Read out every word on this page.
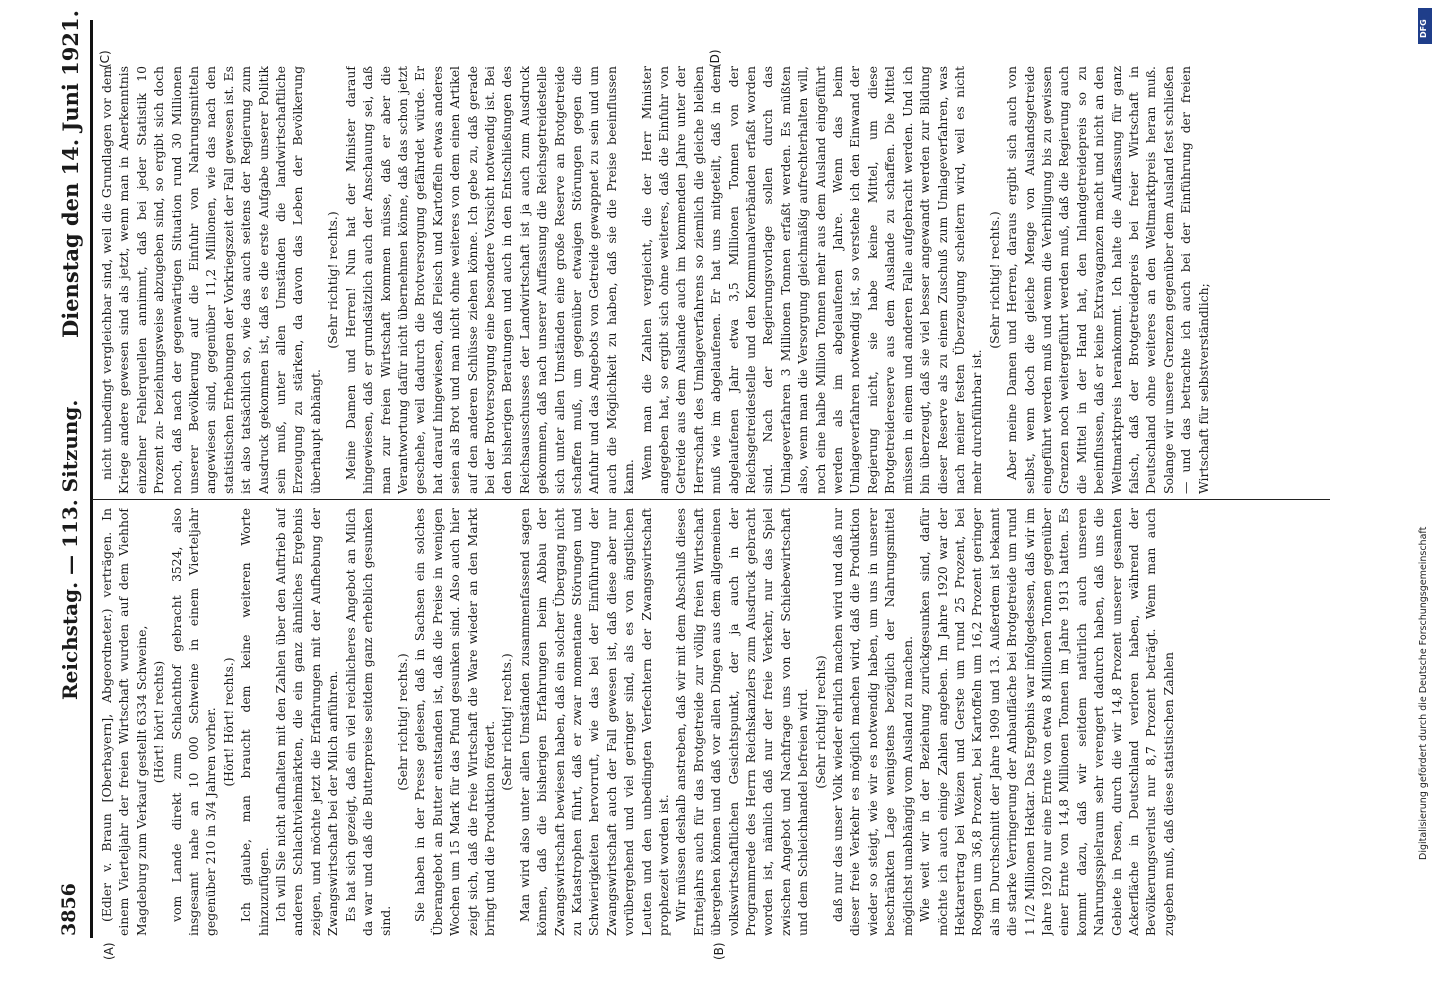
3856
Reichstag. — 113. Sitzung.
Dienstag den 14. Juni 1921.
(A)	(B)
(C)	(D)

(Edler v. Braun [Oberbayern], Abgeordneter.) verträgen. In einem Vierteljahr der freien Wirtschaft wurden auf dem Viehhof Magdeburg zum Verkauf gestellt 6334 Schweine, (Hört! hört! rechts) vom Lande direkt zum Schlachthof gebracht 3524, also insgesamt nahe an 10 000 Schweine in einem Vierteljahr gegenüber 210 in 3/4 Jahren vorher. (Hört! Hört! rechts.) Ich glaube, man braucht dem keine weiteren Worte hinzuzufügen. Ich will Sie nicht aufhalten mit den Zahlen über den Auftrieb auf anderen Schlachtviehmärkten, die ein ganz ähnliches Ergebnis zeigen, und möchte jetzt die Erfahrungen mit der Aufhebung der Zwangswirtschaft bei der Milch anführen. Es hat sich gezeigt, daß ein viel reichlicheres Angebot an Milch da war und daß die Butterpreise seitdem ganz erheblich gesunken sind.

(Sehr richtig! rechts.) Sie haben in der Presse gelesen, daß in Sachsen ein solches Überangebot an Butter entstanden ist, daß die Preise in wenigen Wochen um 15 Mark für das Pfund gesunken sind. Also auch hier zeigt sich, daß die freie Wirtschaft die Ware wieder an den Markt bringt und die Produktion fördert. (Sehr richtig! rechts.) Man wird also unter allen Umständen zusammenfassend sagen können, daß die bisherigen Erfahrungen beim Abbau der Zwangswirtschaft bewiesen haben, daß ein solcher Übergang nicht zu Katastrophen führt, daß er zwar momentane Störungen und Schwierigkeiten hervorruft, wie das bei der Einführung der Zwangswirtschaft auch der Fall gewesen ist, daß diese aber nur vorübergehend und viel geringer sind, als es von ängstlichen Leuten und den unbedingten Verfechtern der Zwangswirtschaft prophezeit worden ist. Wir müssen deshalb anstreben, daß wir mit dem Abschluß dieses Erntejahrs auch für das Brotgetreide zur völlig freien Wirtschaft übergehen können und daß vor allen Dingen aus dem allgemeinen volkswirtschaftlichen Gesichtspunkt, der ja auch in der Programmrede des Herrn Reichskanzlers zum Ausdruck gebracht worden ist, nämlich daß nur der freie Verkehr, nur das Spiel zwischen Angebot und Nachfrage uns von der Schiebewirtschaft und dem Schleichhandel befreien wird. (Sehr richtig! rechts) daß nur das unser Volk wieder ehrlich machen wird und daß nur dieser freie Verkehr es möglich machen wird, daß die Produktion wieder so steigt, wie wir es notwendig haben, um uns in unserer beschränkten Lage wenigstens bezüglich der Nahrungsmittel möglichst unabhängig vom Ausland zu machen. Wie weit wir in der Beziehung zurückgesunken sind, dafür möchte ich auch einige Zahlen angeben. Im Jahre 1920 war der Hektarertrag bei Weizen und Gerste um rund 25 Prozent, bei Roggen um 36,8 Prozent, bei Kartoffeln um 16,2 Prozent geringer als im Durchschnitt der Jahre 1909 und 13. Außerdem ist bekannt die starke Verringerung der Anbaufläche bei Brotgetreide um rund 1 1/2 Millionen Hektar. Das Ergebnis war infolgedessen, daß wir im Jahre 1920 nur eine Ernte von etwa 8 Millionen Tonnen gegenüber einer Ernte von 14,8 Millionen Tonnen im Jahre 1913 hatten. Es kommt dazu, daß wir seitdem natürlich auch unseren Nahrungsspielraum sehr verengert dadurch haben, daß uns die Gebiete in Posen, durch die wir 14,8 Prozent unserer gesamten Ackerfläche in Deutschland verloren haben, während der Bevölkerungsverlust nur 8,7 Prozent beträgt. Wenn man auch zugeben muß, daß diese statistischen Zahlen

nicht unbedingt vergleichbar sind, weil die Grundlagen vor dem Kriege andere gewesen sind als jetzt, wenn man in Anerkenntnis einzelner Fehlerquellen annimmt, daß bei jeder Statistik 10 Prozent zu- beziehungsweise abzugeben sind, so ergibt sich doch noch, daß nach der gegenwärtigen Situation rund 30 Millionen unserer Bevölkerung auf die Einfuhr von Nahrungsmitteln angewiesen sind, gegenüber 11,2 Millionen, wie das nach den statistischen Erhebungen der Vorkriegszeit der Fall gewesen ist. Es ist also tatsächlich so, wie das auch seitens der Regierung zum Ausdruck gekommen ist, daß es die erste Aufgabe unserer Politik sein muß, unter allen Umständen die landwirtschaftliche Erzeugung zu stärken, da davon das Leben der Bevölkerung überhaupt abhängt.

(Sehr richtig! rechts.) Meine Damen und Herren! Nun hat der Minister darauf hingewiesen, daß er grundsätzlich auch der Anschauung sei, daß man zur freien Wirtschaft kommen müsse, daß er aber die Verantwortung dafür nicht übernehmen könne, daß das schon jetzt geschehe, weil dadurch die Brotversorgung gefährdet würde. Er hat darauf hingewiesen, daß Fleisch und Kartoffeln etwas anderes seien als Brot und man nicht ohne weiteres von dem einen Artikel auf den anderen Schlüsse ziehen könne. Ich gebe zu, daß gerade bei der Brotversorgung eine besondere Vorsicht notwendig ist. Bei den bisherigen Beratungen und auch in den Entschließungen des Reichsausschusses der Landwirtschaft ist ja auch zum Ausdruck gekommen, daß nach unserer Auffassung die Reichsgetreidestelle sich unter allen Umständen eine große Reserve an Brotgetreide schaffen muß, um gegenüber etwaigen Störungen gegen die Anfuhr und das Angebots von Getreide gewappnet zu sein und um auch die Möglichkeit zu haben, daß sie die Preise beeinflussen kann. Wenn man die Zahlen vergleicht, die der Herr Minister angegeben hat, so ergibt sich ohne weiteres, daß die Einfuhr von Getreide aus dem Auslande auch im kommenden Jahre unter der Herrschaft des Umlageverfahrens so ziemlich die gleiche bleiben muß wie im abgelaufenen. Er hat uns mitgeteilt, daß in dem abgelaufenen Jahr etwa 3,5 Millionen Tonnen von der Reichsgetreidestelle und den Kommunalverbänden erfaßt worden sind. Nach der Regierungsvorlage sollen durch das Umlageverfahren 3 Millionen Tonnen erfaßt werden. Es müßten also, wenn man die Versorgung gleichmäßig aufrechterhalten will, noch eine halbe Million Tonnen mehr aus dem Ausland eingeführt werden als im abgelaufenen Jahre. Wenn das beim Umlageverfahren notwendig ist, so verstehe ich den Einwand der Regierung nicht, sie habe keine Mittel, um diese Brotgetreidereserve aus dem Auslande zu schaffen. Die Mittel müssen in einem und anderen Falle aufgebracht werden. Und ich bin überzeugt, daß sie viel besser angewandt werden zur Bildung dieser Reserve als zu einem Zuschuß zum Umlageverfahren, was nach meiner festen Überzeugung scheitern wird, weil es nicht mehr durchführbar ist.

(Sehr richtig! rechts.) Aber meine Damen und Herren, daraus ergibt sich auch von selbst, wenn doch die gleiche Menge von Auslandsgetreide eingeführt werden muß und wenn die Verbilligung bis zu gewissen Grenzen noch weitergeführt werden muß, daß die Regierung auch die Mittel in der Hand hat, den Inlandgetreidepreis so zu beeinflussen, daß er keine Extravaganzen macht und nicht an den Weltmarktpreis herankommt. Ich halte die Auffassung für ganz falsch, daß der Brotgetreidepreis bei freier Wirtschaft in Deutschland ohne weiteres an den Weltmarktpreis heran muß. Solange wir unsere Grenzen gegenüber dem Ausland fest schließen — und das betrachte ich auch bei der Einführung der freien Wirtschaft für selbstverständlich;

Digitalisierung gefördert durch die Deutsche Forschungsgemeinschaft
DFG
